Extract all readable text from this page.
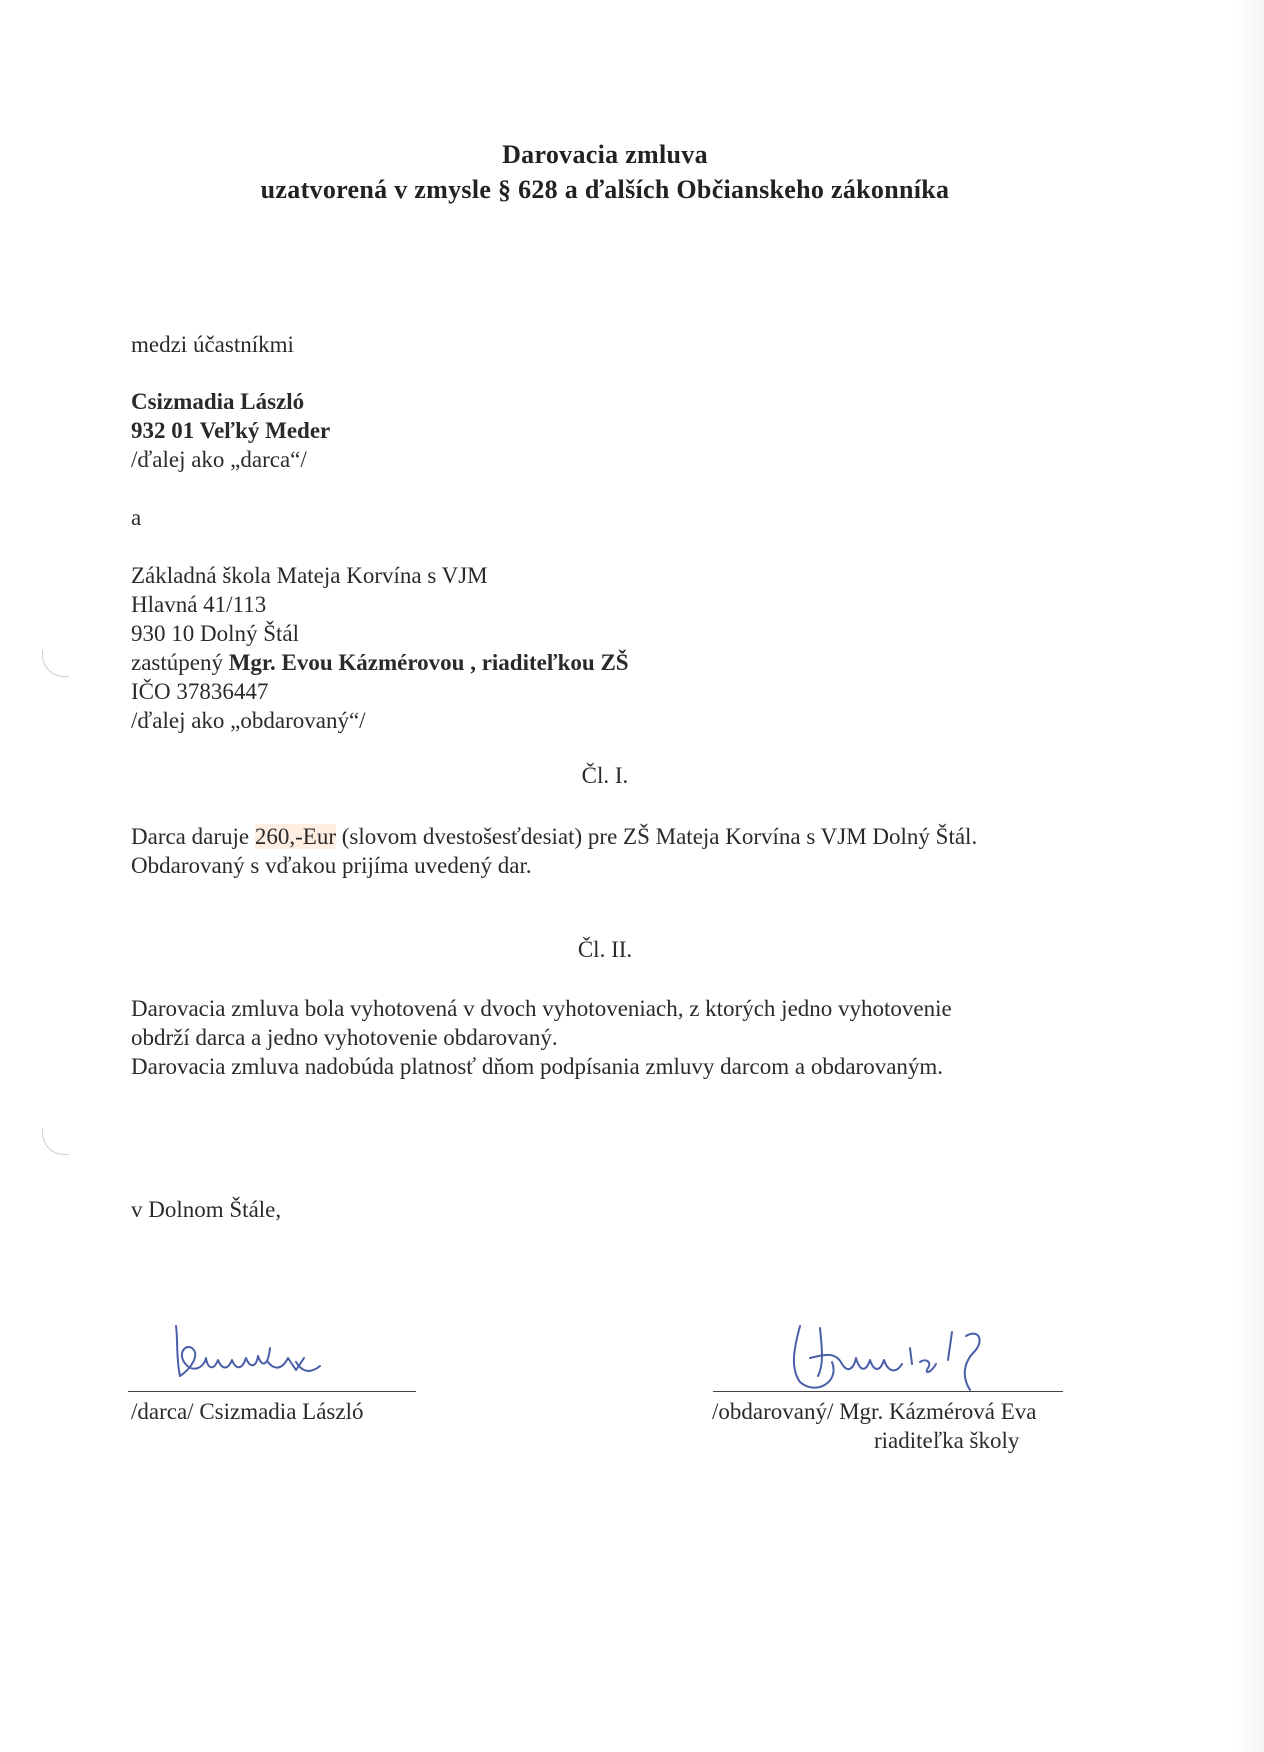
Darovacia zmluva
uzatvorená v zmysle § 628 a ďalších Občianskeho zákonníka
medzi účastníkmi
Csizmadia László
932 01 Veľký Meder
/ďalej ako „darca“/
a
Základná škola Mateja Korvína s VJM
Hlavná 41/113
930 10 Dolný Štál
zastúpený Mgr. Evou Kázmérovou , riaditeľkou ZŠ
IČO 37836447
/ďalej ako „obdarovaný“/
Čl. I.
Darca daruje 260,-Eur (slovom dvestošesťdesiat) pre ZŠ Mateja Korvína s VJM Dolný Štál.
Obdarovaný s vďakou prijíma uvedený dar.
Čl. II.
Darovacia zmluva bola vyhotovená v dvoch vyhotoveniach, z ktorých jedno vyhotovenie
obdrží darca a jedno vyhotovenie obdarovaný.
Darovacia zmluva nadobúda platnosť dňom podpísania zmluvy darcom a obdarovaným.
v Dolnom Štále,
/darca/ Csizmadia László	/obdarovaný/ Mgr. Kázmérová Eva
riaditeľka školy
